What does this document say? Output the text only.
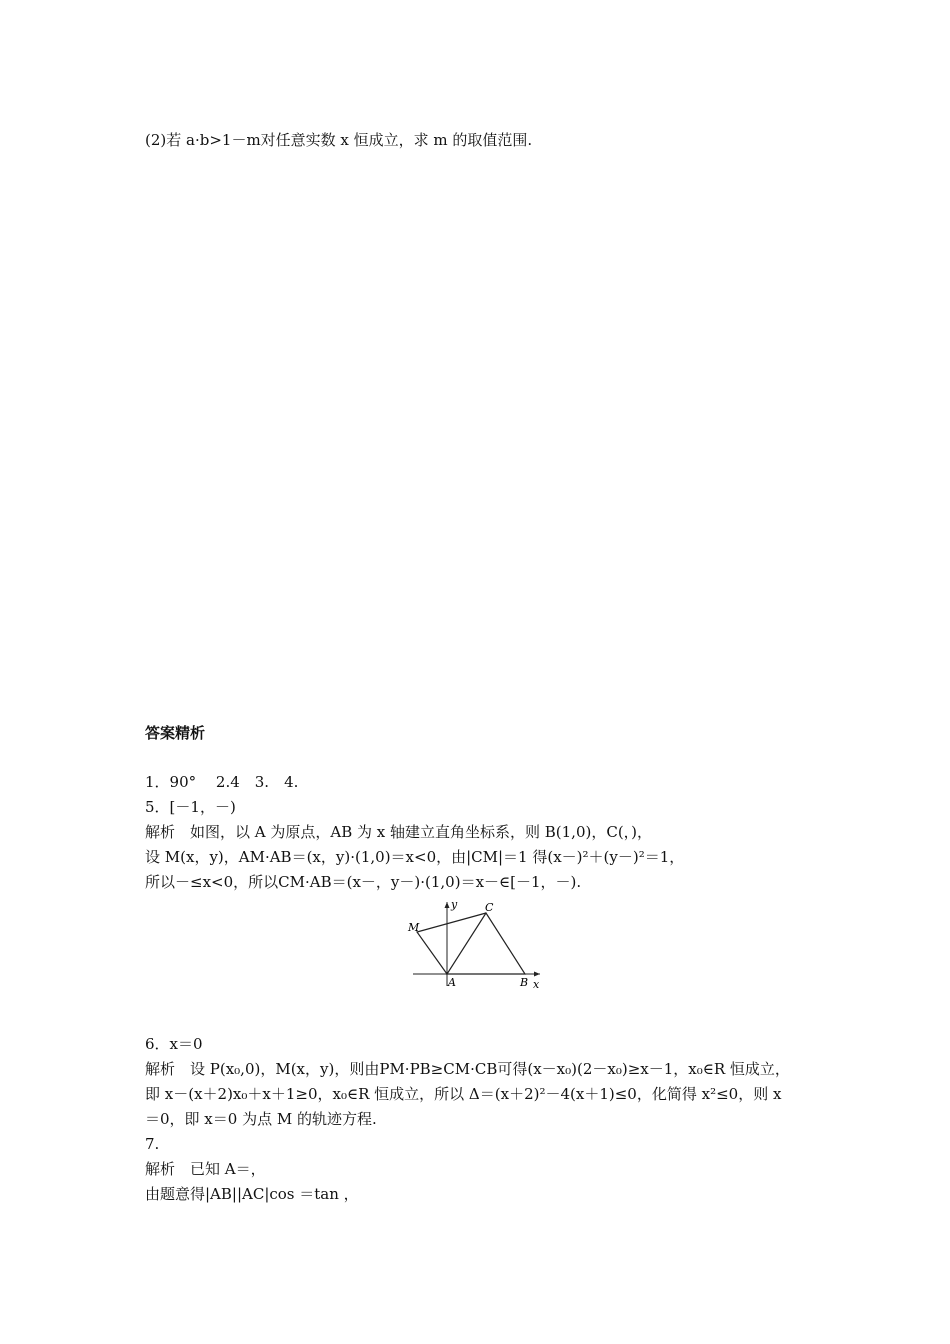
(2)若 a·b>1－m对任意实数 x 恒成立，求 m 的取值范围.
答案精析
1．90°　 2.4　3.　4.
5．[－1，－)
解析　如图，以 A 为原点，AB 为 x 轴建立直角坐标系，则 B(1,0)，C(，)，
设 M(x，y)，AM·AB＝(x，y)·(1,0)＝x<0，由|CM|＝1 得(x－)²＋(y－)²＝1，
所以－≤x<0，所以CM·AB＝(x－，y－)·(1,0)＝x－∈[－1，－).
y
x
M
C
A	B
6．x＝0
解析　设 P(x₀,0)，M(x，y)，则由PM·PB≥CM·CB可得(x－x₀)(2－x₀)≥x－1，x₀∈R 恒成立，
即 x－(x＋2)x₀＋x＋1≥0，x₀∈R 恒成立，所以 Δ＝(x＋2)²－4(x＋1)≤0，化简得 x²≤0，则 x
＝0，即 x＝0 为点 M 的轨迹方程.
7.
解析　已知 A＝，
由题意得|AB||AC|cos ＝tan ，
